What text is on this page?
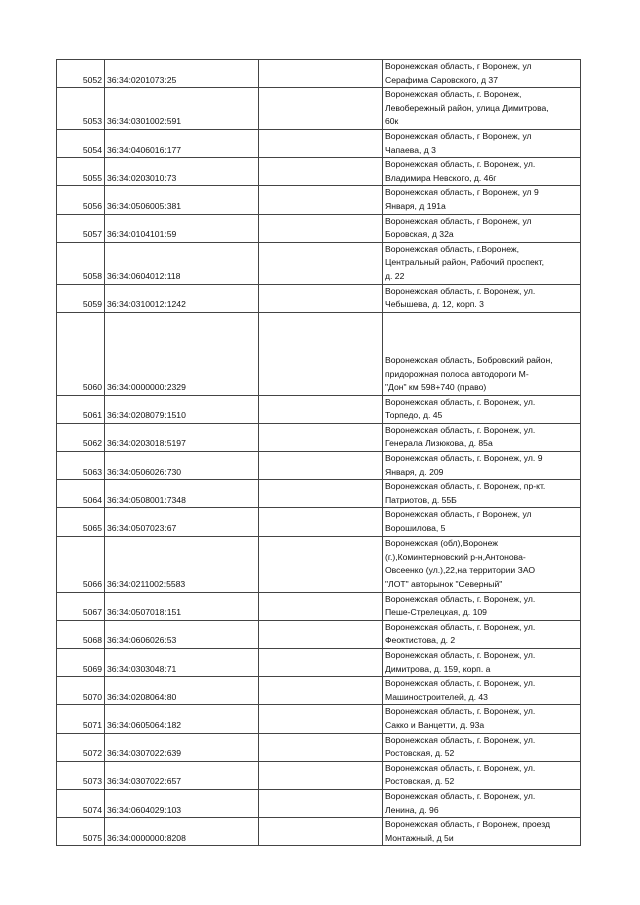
5052	36:34:0201073:25		Воронежская область, г Воронеж, ул
Серафима Саровского, д 37
5053	36:34:0301002:591		Воронежская область, г. Воронеж,
Левобережный район, улица Димитрова,
60к
5054	36:34:0406016:177		Воронежская область, г Воронеж, ул
Чапаева, д 3
5055	36:34:0203010:73		Воронежская область, г. Воронеж, ул.
Владимира Невского, д. 46г
5056	36:34:0506005:381		Воронежская область, г Воронеж, ул 9
Января, д 191а
5057	36:34:0104101:59		Воронежская область, г Воронеж, ул
Боровская, д 32а
5058	36:34:0604012:118		Воронежская область, г.Воронеж,
Центральный район, Рабочий проспект,
д. 22
5059	36:34:0310012:1242		Воронежская область, г. Воронеж, ул.
Чебышева, д. 12, корп. 3
5060	36:34:0000000:2329		Воронежская область, Бобровский район,
придорожная полоса автодороги М-
"Дон" км 598+740 (право)
5061	36:34:0208079:1510		Воронежская область, г. Воронеж, ул.
Торпедо, д. 45
5062	36:34:0203018:5197		Воронежская область, г. Воронеж, ул.
Генерала Лизюкова, д. 85а
5063	36:34:0506026:730		Воронежская область, г. Воронеж, ул. 9
Января, д. 209
5064	36:34:0508001:7348		Воронежская область, г. Воронеж, пр-кт.
Патриотов, д. 55Б
5065	36:34:0507023:67		Воронежская область, г Воронеж, ул
Ворошилова, 5
5066	36:34:0211002:5583		Воронежская (обл),Воронеж
(г.),Коминтерновский р-н,Антонова-
Овсеенко (ул.),22,на территории ЗАО
"ЛОТ" авторынок "Северный"
5067	36:34:0507018:151		Воронежская область, г. Воронеж, ул.
Пеше-Стрелецкая, д. 109
5068	36:34:0606026:53		Воронежская область, г. Воронеж, ул.
Феоктистова, д. 2
5069	36:34:0303048:71		Воронежская область, г. Воронеж, ул.
Димитрова, д. 159, корп. а
5070	36:34:0208064:80		Воронежская область, г. Воронеж, ул.
Машиностроителей, д. 43
5071	36:34:0605064:182		Воронежская область, г. Воронеж, ул.
Сакко и Ванцетти, д. 93а
5072	36:34:0307022:639		Воронежская область, г. Воронеж, ул.
Ростовская, д. 52
5073	36:34:0307022:657		Воронежская область, г. Воронеж, ул.
Ростовская, д. 52
5074	36:34:0604029:103		Воронежская область, г. Воронеж, ул.
Ленина, д. 96
5075	36:34:0000000:8208		Воронежская область, г Воронеж, проезд
Монтажный, д 5и
